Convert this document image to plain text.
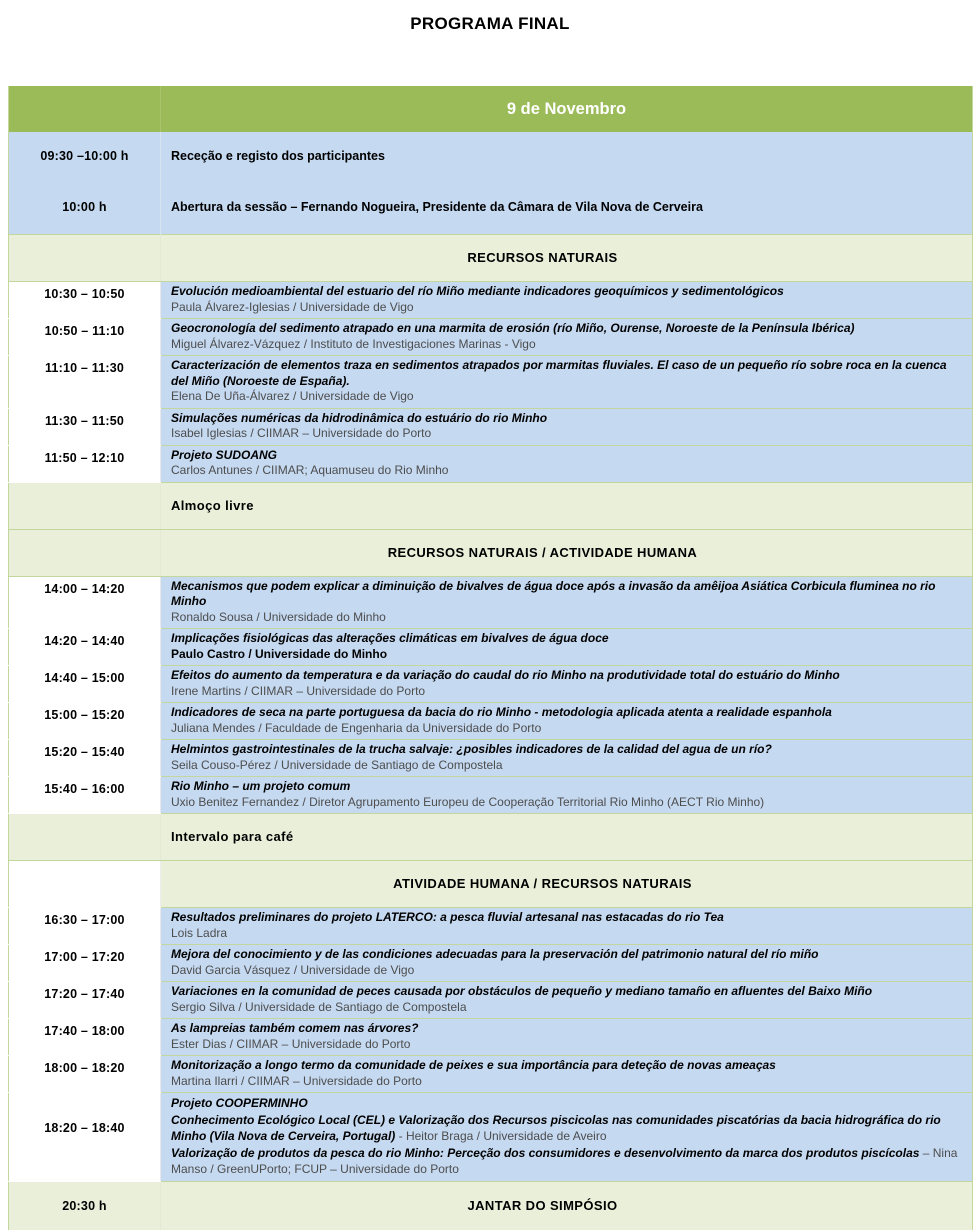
PROGRAMA FINAL

	9 de Novembro

09:30 –10:00 h	Receção e registo dos participantes

10:00 h	Abertura da sessão – Fernando Nogueira, Presidente da Câmara de Vila Nova de Cerveira

	RECURSOS NATURAIS

10:30 – 10:50	Evolución medioambiental del estuario del río Miño mediante indicadores geoquímicos y sedimentológicos
Paula Álvarez-Iglesias / Universidade de Vigo

10:50 – 11:10	Geocronología del sedimento atrapado en una marmita de erosión (río Miño, Ourense, Noroeste de la Península Ibérica)
Miguel Álvarez-Vázquez / Instituto de Investigaciones Marinas - Vigo

11:10 – 11:30	Caracterización de elementos traza en sedimentos atrapados por marmitas fluviales. El caso de un pequeño río sobre roca en la cuenca del Miño (Noroeste de España).
Elena De Uña-Álvarez / Universidade de Vigo

11:30 – 11:50	Simulações numéricas da hidrodinâmica do estuário do rio Minho
Isabel Iglesias / CIIMAR – Universidade do Porto

11:50 – 12:10	Projeto SUDOANG
Carlos Antunes / CIIMAR; Aquamuseu do Rio Minho

	Almoço livre

	RECURSOS NATURAIS / ACTIVIDADE HUMANA

14:00 – 14:20	Mecanismos que podem explicar a diminuição de bivalves de água doce após a invasão da amêijoa Asiática Corbicula fluminea no rio Minho
Ronaldo Sousa / Universidade do Minho

14:20 – 14:40	Implicações fisiológicas das alterações climáticas em bivalves de água doce
Paulo Castro / Universidade do Minho

14:40 – 15:00	Efeitos do aumento da temperatura e da variação do caudal do rio Minho na produtividade total do estuário do Minho
Irene Martins / CIIMAR – Universidade do Porto

15:00 – 15:20	Indicadores de seca na parte portuguesa da bacia do rio Minho - metodologia aplicada atenta a realidade espanhola
Juliana Mendes / Faculdade de Engenharia da Universidade do Porto

15:20 – 15:40	Helmintos gastrointestinales de la trucha salvaje: ¿posibles indicadores de la calidad del agua de un río?
Seila Couso-Pérez / Universidade de Santiago de Compostela

15:40 – 16:00	Rio Minho – um projeto comum
Uxio Benitez Fernandez / Diretor Agrupamento Europeu de Cooperação Territorial Rio Minho (AECT Rio Minho)

	Intervalo para café

	ATIVIDADE HUMANA / RECURSOS NATURAIS

16:30 – 17:00	Resultados preliminares do projeto LATERCO: a pesca fluvial artesanal nas estacadas do rio Tea
Lois Ladra

17:00 – 17:20	Mejora del conocimiento y de las condiciones adecuadas para la preservación del patrimonio natural del río miño
David Garcia Vásquez / Universidade de Vigo

17:20 – 17:40	Variaciones en la comunidad de peces causada por obstáculos de pequeño y mediano tamaño en afluentes del Baixo Miño
Sergio Silva / Universidade de Santiago de Compostela

17:40 – 18:00	As lampreias também comem nas árvores?
Ester Dias / CIIMAR – Universidade do Porto

18:00 – 18:20	Monitorização a longo termo da comunidade de peixes e sua importância para deteção de novas ameaças
Martina Ilarri / CIIMAR – Universidade do Porto

18:20 – 18:40	Projeto COOPERMINHO
Conhecimento Ecológico Local (CEL) e Valorização dos Recursos piscicolas nas comunidades piscatórias da bacia hidrográfica do rio Minho (Vila Nova de Cerveira, Portugal) - Heitor Braga / Universidade de Aveiro
Valorização de produtos da pesca do rio Minho: Perceção dos consumidores e desenvolvimento da marca dos produtos piscícolas – Nina Manso / GreenUPorto; FCUP – Universidade do Porto

20:30 h	JANTAR DO SIMPÓSIO
